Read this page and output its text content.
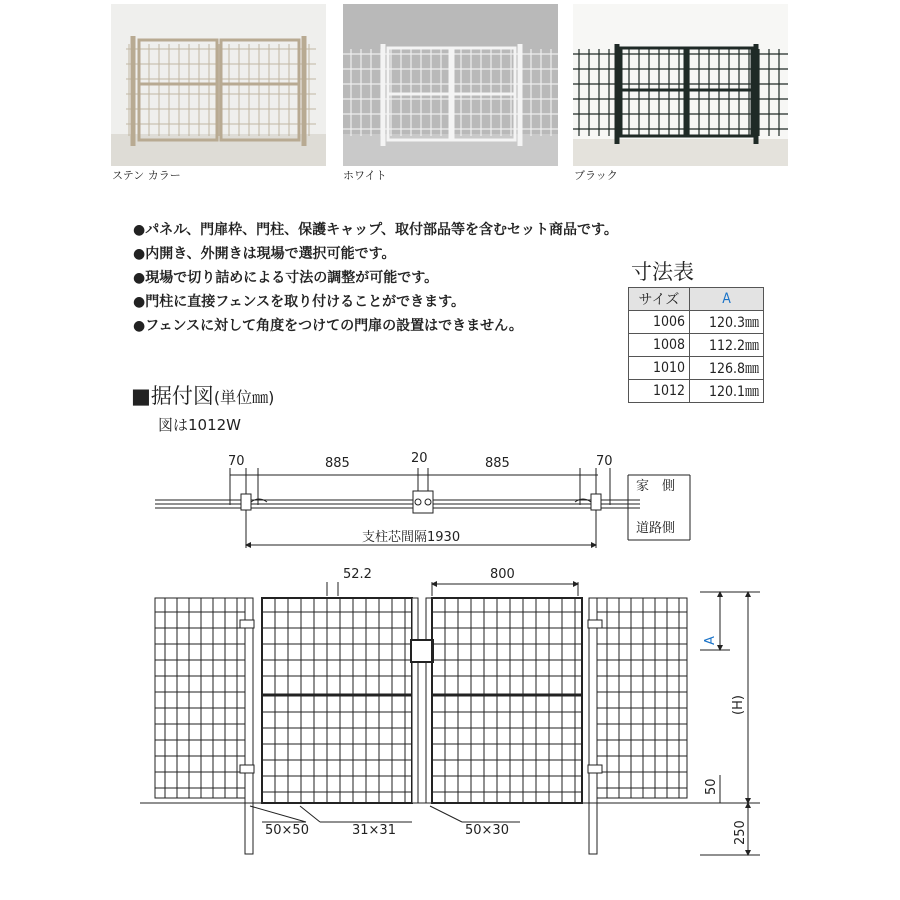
ステン カラー	ホワイト	ブラック
●パネル、門扉枠、門柱、保護キャップ、取付部品等を含むセット商品です。
●内開き、外開きは現場で選択可能です。
●現場で切り詰めによる寸法の調整が可能です。
●門柱に直接フェンスを取り付けることができます。
●フェンスに対して角度をつけての門扉の設置はできません。
寸法表
サイズ	A
1006	120.3㎜
1008	112.2㎜
1010	126.8㎜
1012	120.1㎜
■据付図(単位㎜)
図は1012W
70	885	20	885	70
家　側
道路側
支柱芯間隔1930
52.2	800
A
(H)
50
250
50×50	31×31	50×30
